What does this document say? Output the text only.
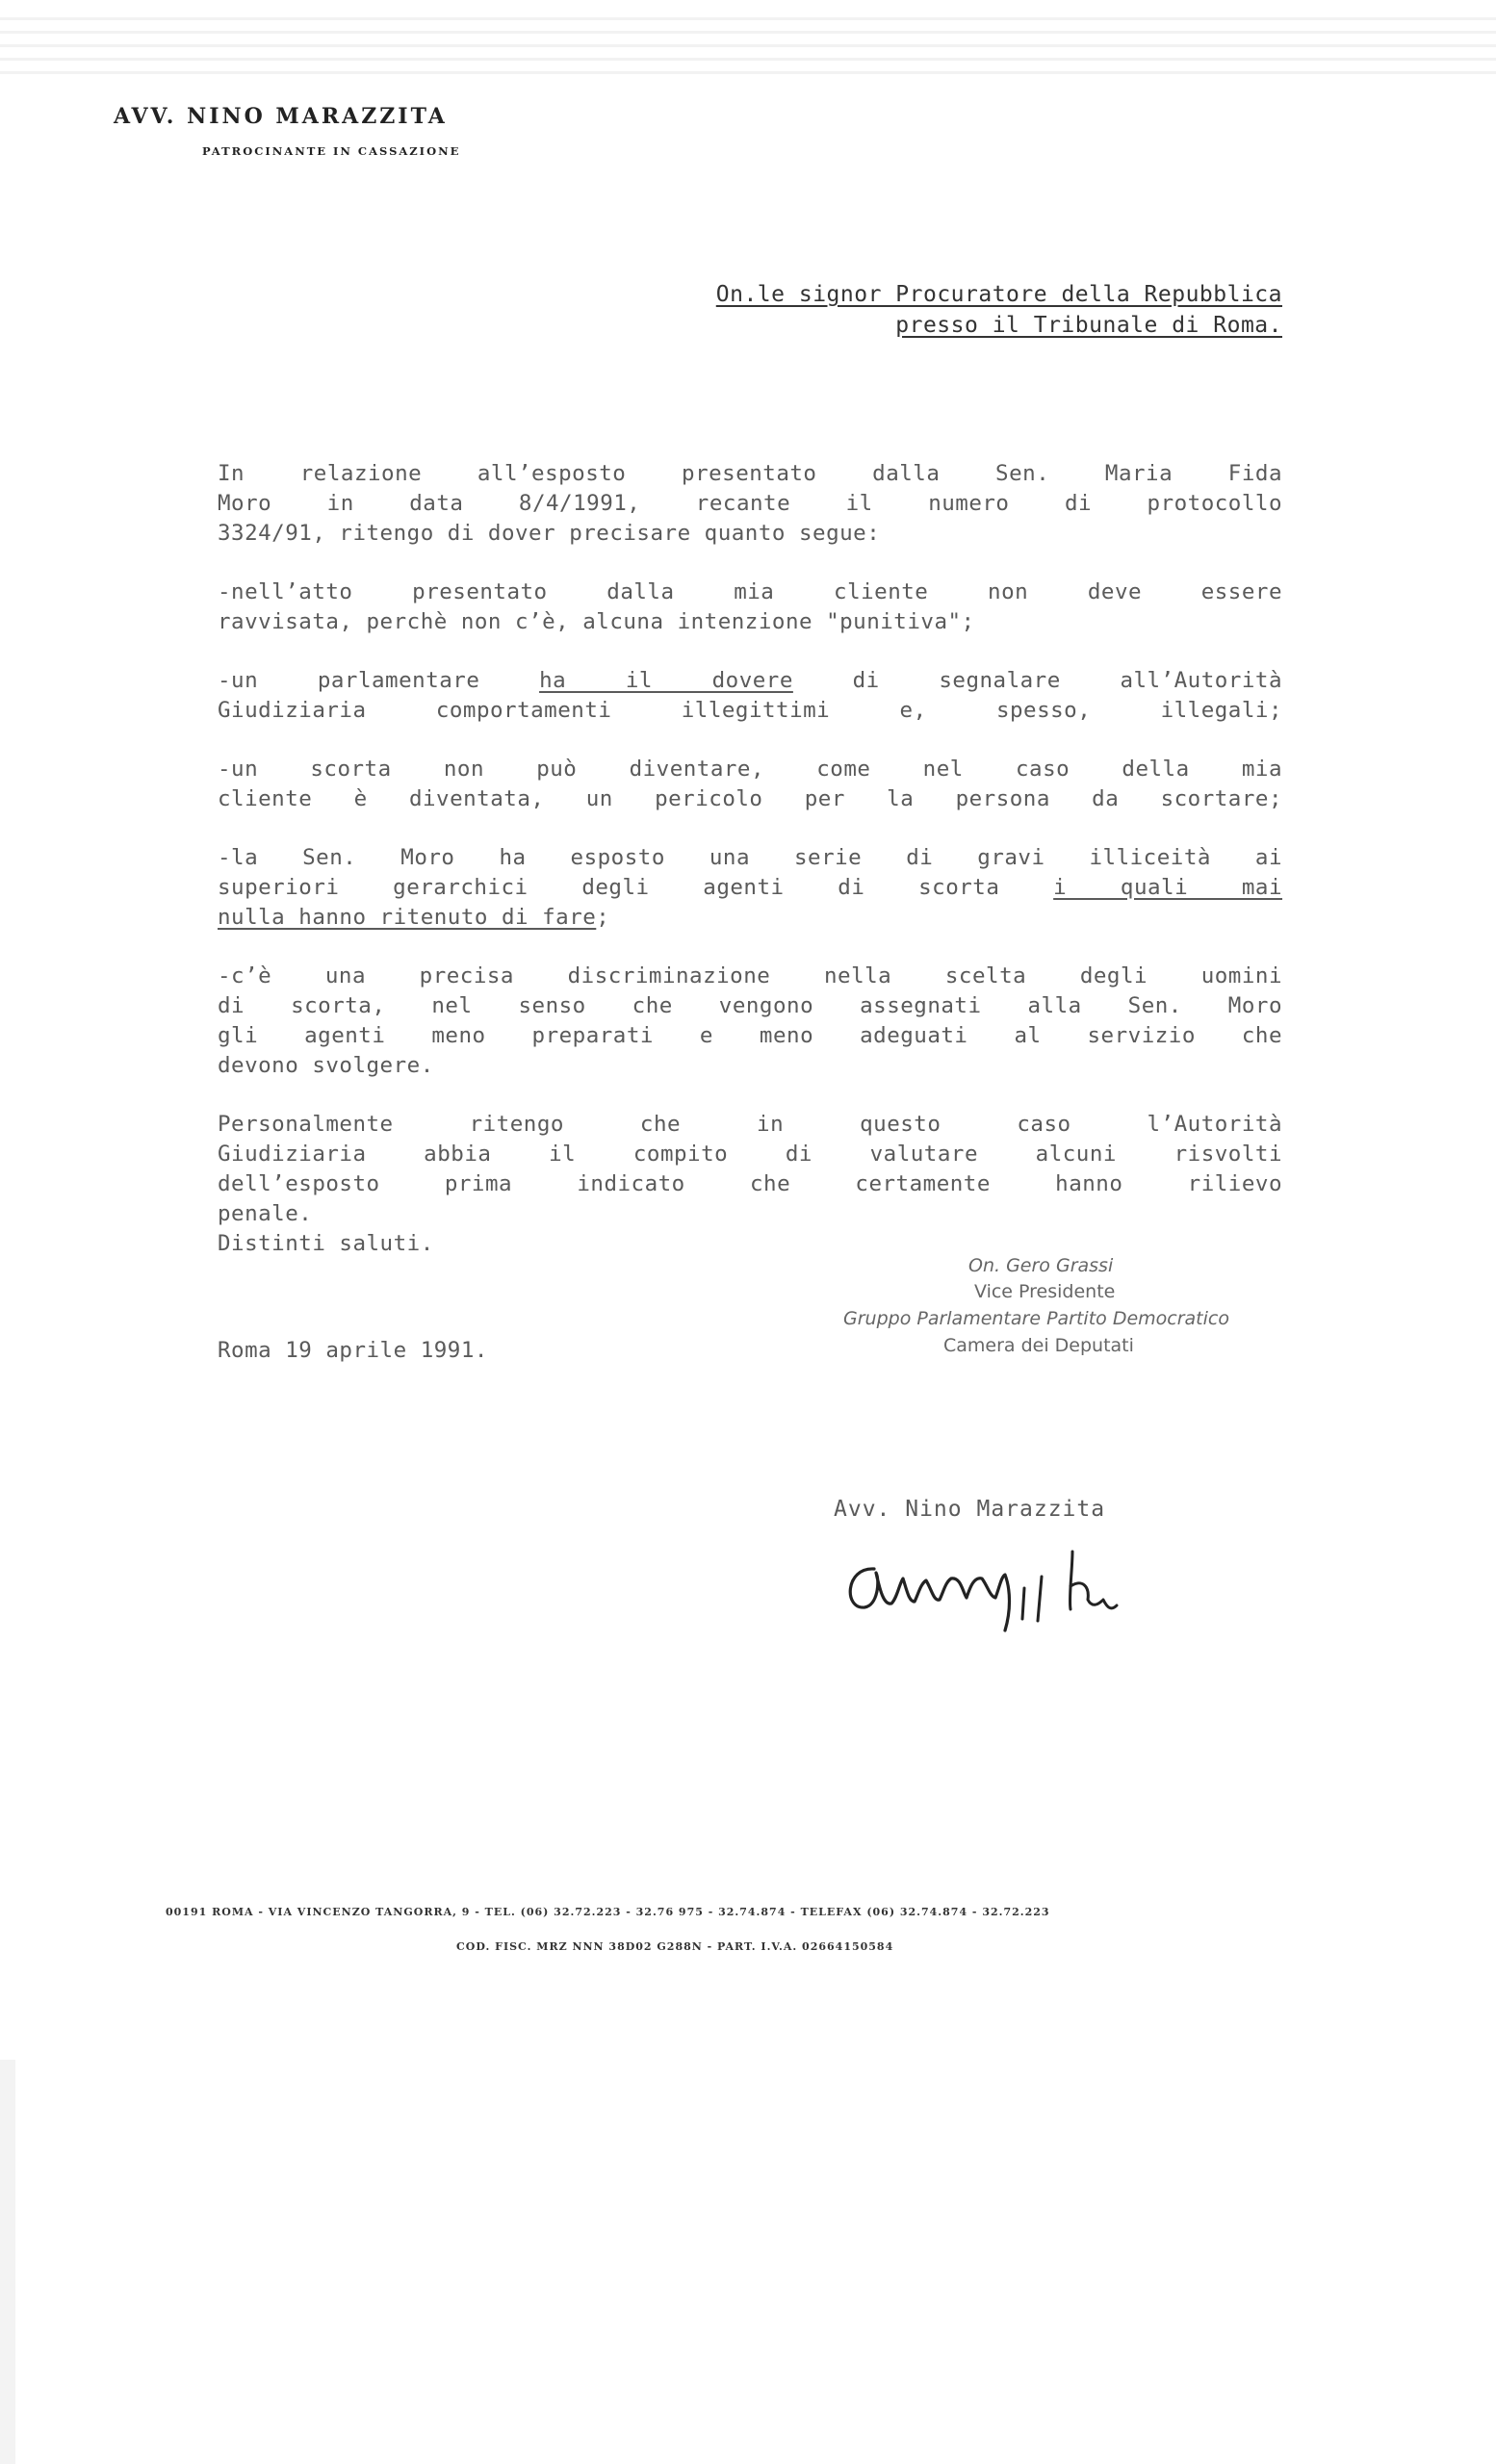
AVV. NINO MARAZZITA
PATROCINANTE IN CASSAZIONE
On.le signor Procuratore della Repubblica
presso il Tribunale di Roma.
In relazione all’esposto presentato dalla Sen. Maria Fida
Moro in data 8/4/1991, recante il numero di protocollo
3324/91, ritengo di dover precisare quanto segue:
-nell’atto presentato dalla mia cliente non deve essere
ravvisata, perchè non c’è, alcuna intenzione "punitiva";
-un parlamentare	ha il dovere	di segnalare all’Autorità
Giudiziaria comportamenti illegittimi e, spesso, illegali;
-un scorta non può diventare, come nel caso della mia
cliente è diventata, un pericolo per la persona da scortare;
-la Sen. Moro ha esposto una serie di gravi illiceità ai
superiori gerarchici degli agenti di scorta i quali mai
nulla hanno ritenuto di fare;
-c’è una precisa discriminazione nella scelta degli uomini
di scorta, nel senso che vengono assegnati alla Sen. Moro
gli agenti meno preparati e meno adeguati al servizio che
devono svolgere.
Personalmente ritengo che in questo caso l’Autorità
Giudiziaria abbia il compito di valutare alcuni risvolti
dell’esposto prima indicato che certamente hanno rilievo
penale.
Distinti saluti.
On. Gero Grassi
Vice Presidente
Gruppo Parlamentare Partito Democratico
Camera dei Deputati
Roma 19 aprile 1991.
Avv. Nino Marazzita
00191 ROMA - VIA VINCENZO TANGORRA, 9 - TEL. (06) 32.72.223 - 32.76 975 - 32.74.874 - TELEFAX (06) 32.74.874 - 32.72.223
COD. FISC. MRZ NNN 38D02 G288N - PART. I.V.A. 02664150584
